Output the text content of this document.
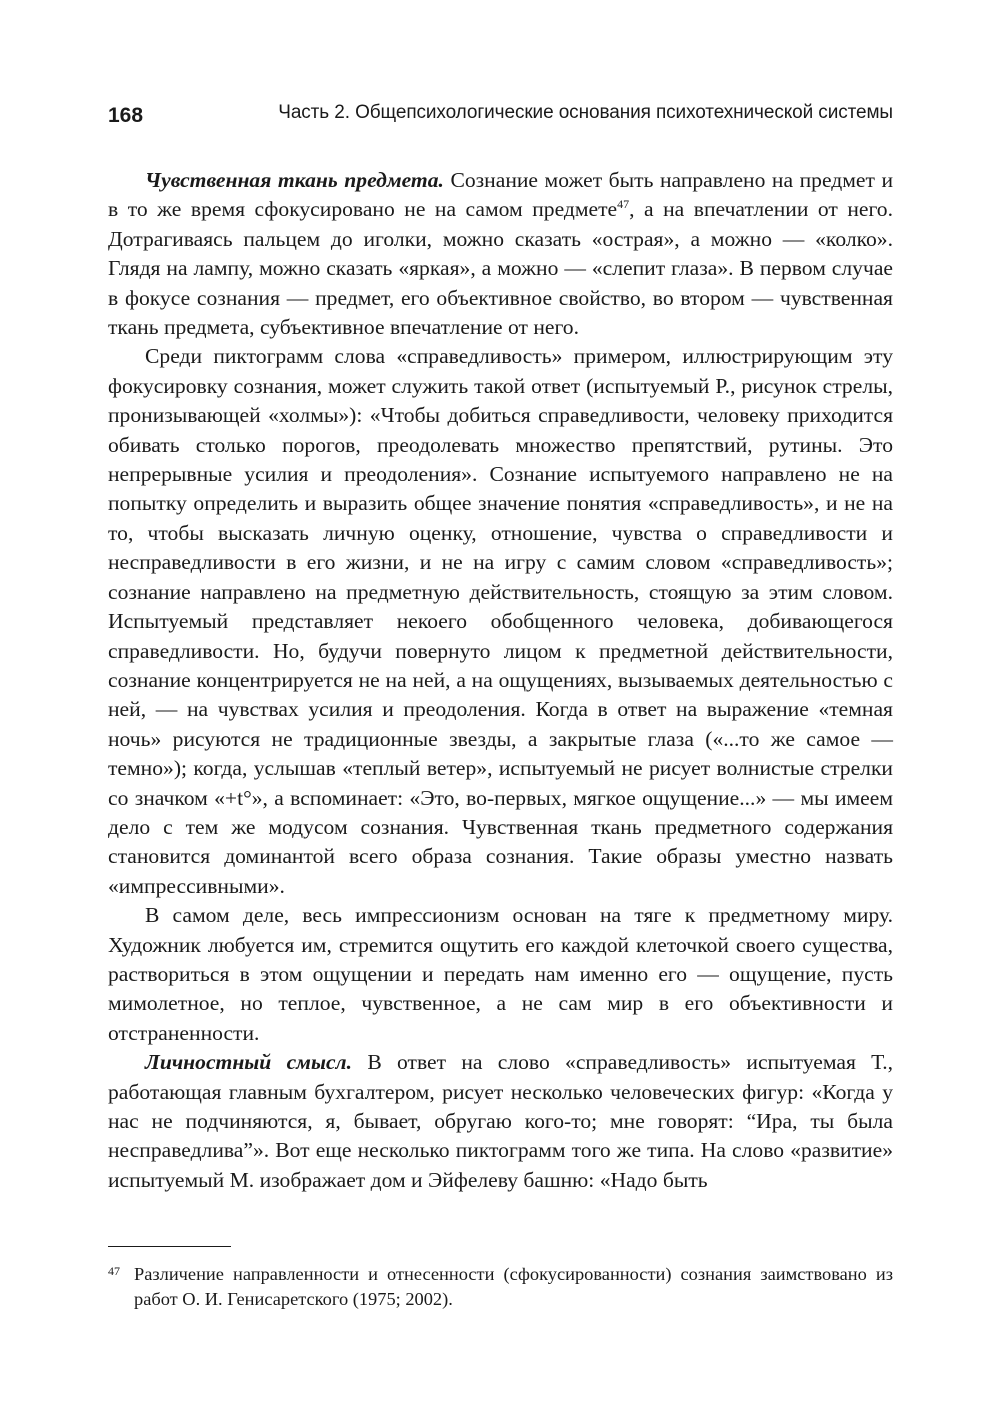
168	Часть 2. Общепсихологические основания психотехнической системы

Чувственная ткань предмета. Сознание может быть направлено на предмет и в то же время сфокусировано не на самом предмете$^{47}$, а на впечатлении от него. Дотрагиваясь пальцем до иголки, можно сказать «острая», а можно — «колко». Глядя на лампу, можно сказать «яркая», а можно — «слепит глаза». В первом случае в фокусе сознания — предмет, его объективное свойство, во втором — чувственная ткань предмета, субъективное впечатление от него.

Среди пиктограмм слова «справедливость» примером, иллюстрирующим эту фокусировку сознания, может служить такой ответ (испытуемый Р., рисунок стрелы, пронизывающей «холмы»): «Чтобы добиться справедливости, человеку приходится обивать столько порогов, преодолевать множество препятствий, рутины. Это непрерывные усилия и преодоления». Сознание испытуемого направлено не на попытку определить и выразить общее значение понятия «справедливость», и не на то, чтобы высказать личную оценку, отношение, чувства о справедливости и несправедливости в его жизни, и не на игру с самим словом «справедливость»; сознание направлено на предметную действительность, стоящую за этим словом. Испытуемый представляет некоего обобщенного человека, добивающегося справедливости. Но, будучи повернуто лицом к предметной действительности, сознание концентрируется не на ней, а на ощущениях, вызываемых деятельностью с ней, — на чувствах усилия и преодоления. Когда в ответ на выражение «темная ночь» рисуются не традиционные звезды, а закрытые глаза («...то же самое — темно»); когда, услышав «теплый ветер», испытуемый не рисует волнистые стрелки со значком «+t°», а вспоминает: «Это, во-первых, мягкое ощущение...» — мы имеем дело с тем же модусом сознания. Чувственная ткань предметного содержания становится доминантой всего образа сознания. Такие образы уместно назвать «импрессивными».

В самом деле, весь импрессионизм основан на тяге к предметному миру. Художник любуется им, стремится ощутить его каждой клеточкой своего существа, раствориться в этом ощущении и передать нам именно его — ощущение, пусть мимолетное, но теплое, чувственное, а не сам мир в его объективности и отстраненности.

Личностный смысл. В ответ на слово «справедливость» испытуемая Т., работающая главным бухгалтером, рисует несколько человеческих фигур: «Когда у нас не подчиняются, я, бывает, обругаю кого-то; мне говорят: “Ира, ты была несправедлива”». Вот еще несколько пиктограмм того же типа. На слово «развитие» испытуемый М. изображает дом и Эйфелеву башню: «Надо быть

47 Различение направленности и отнесенности (сфокусированности) сознания заимствовано из работ О. И. Генисаретского (1975; 2002).
